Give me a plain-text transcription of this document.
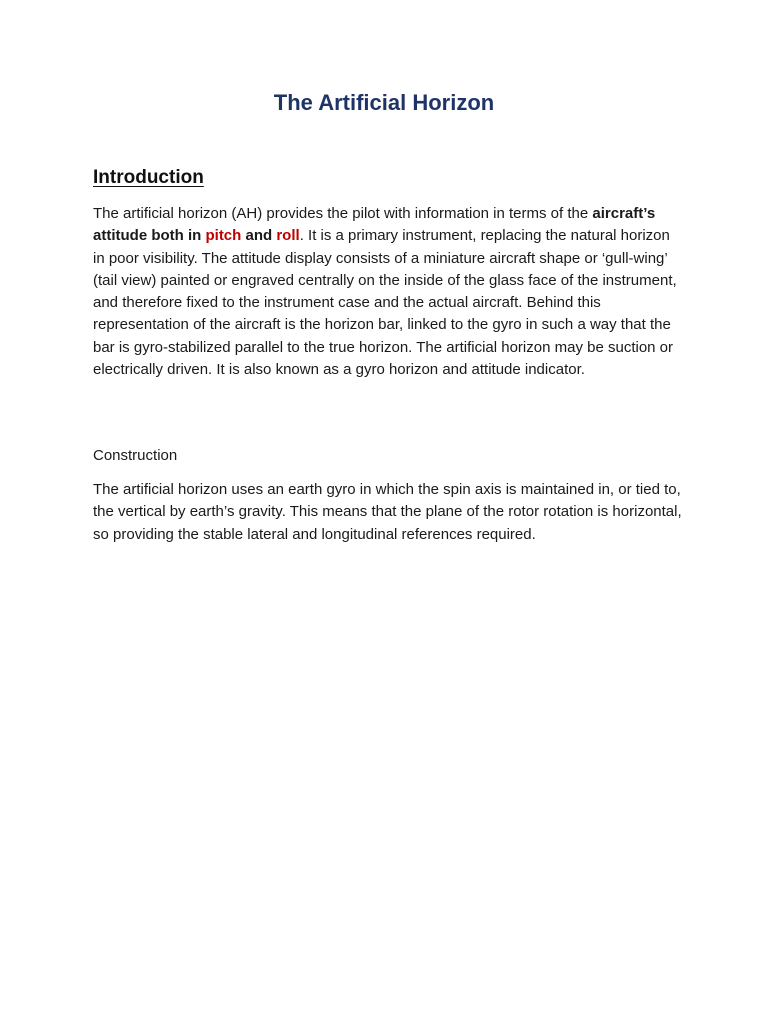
The Artificial Horizon
Introduction
The artificial horizon (AH) provides the pilot with information in terms of the aircraft’s attitude both in pitch and roll. It is a primary instrument, replacing the natural horizon in poor visibility. The attitude display consists of a miniature aircraft shape or ‘gull-wing’ (tail view) painted or engraved centrally on the inside of the glass face of the instrument, and therefore fixed to the instrument case and the actual aircraft. Behind this representation of the aircraft is the horizon bar, linked to the gyro in such a way that the bar is gyro-stabilized parallel to the true horizon. The artificial horizon may be suction or electrically driven. It is also known as a gyro horizon and attitude indicator.
Construction
The artificial horizon uses an earth gyro in which the spin axis is maintained in, or tied to, the vertical by earth’s gravity. This means that the plane of the rotor rotation is horizontal, so providing the stable lateral and longitudinal references required.
